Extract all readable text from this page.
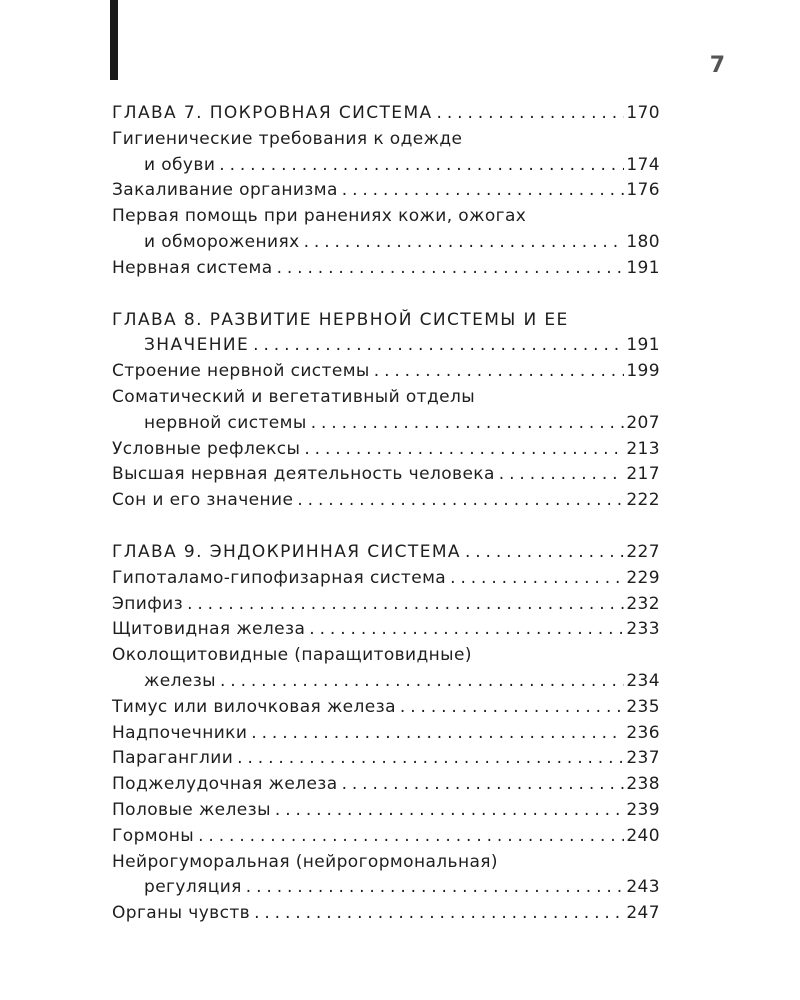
7
ГЛАВА 7. ПОКРОВНАЯ СИСТЕМА .....	170
Гигиенические требования к одежде
и обуви .....	174
Закаливание организма .....	176
Первая помощь при ранениях кожи, ожогах
и обморожениях .....	180
Нервная система .....	191
ГЛАВА 8. РАЗВИТИЕ НЕРВНОЙ СИСТЕМЫ И ЕЕ
ЗНАЧЕНИЕ .....	191
Строение нервной системы .....	199
Соматический и вегетативный отделы
нервной системы .....	207
Условные рефлексы .....	213
Высшая нервная деятельность человека .....	217
Сон и его значение .....	222
ГЛАВА 9. ЭНДОКРИННАЯ СИСТЕМА .....	227
Гипоталамо-гипофизарная система .....	229
Эпифиз .....	232
Щитовидная железа .....	233
Околощитовидные (паращитовидные)
железы .....	234
Тимус или вилочковая железа .....	235
Надпочечники .....	236
Параганглии .....	237
Поджелудочная железа .....	238
Половые железы .....	239
Гормоны .....	240
Нейрогуморальная (нейрогормональная)
регуляция .....	243
Органы чувств .....	247
